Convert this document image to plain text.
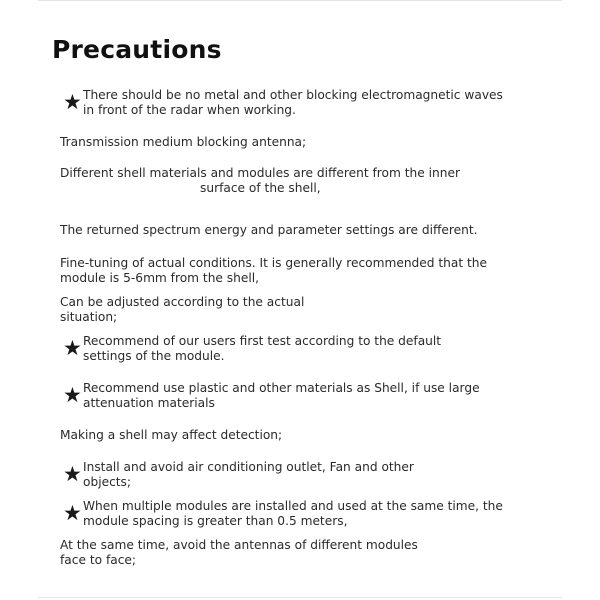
Precautions
★ There should be no metal and other blocking electromagnetic waves
in front of the radar when working.
Transmission medium blocking antenna;
Different shell materials and modules are different from the inner
surface of the shell,
The returned spectrum energy and parameter settings are different.
Fine-tuning of actual conditions. It is generally recommended that the
module is 5-6mm from the shell,
Can be adjusted according to the actual
situation;
★ Recommend of our users first test according to the default
settings of the module.
★ Recommend use plastic and other materials as Shell, if use large
attenuation materials
Making a shell may affect detection;
★ Install and avoid air conditioning outlet, Fan and other
objects;
★ When multiple modules are installed and used at the same time, the
module spacing is greater than 0.5 meters,
At the same time, avoid the antennas of different modules
face to face;
